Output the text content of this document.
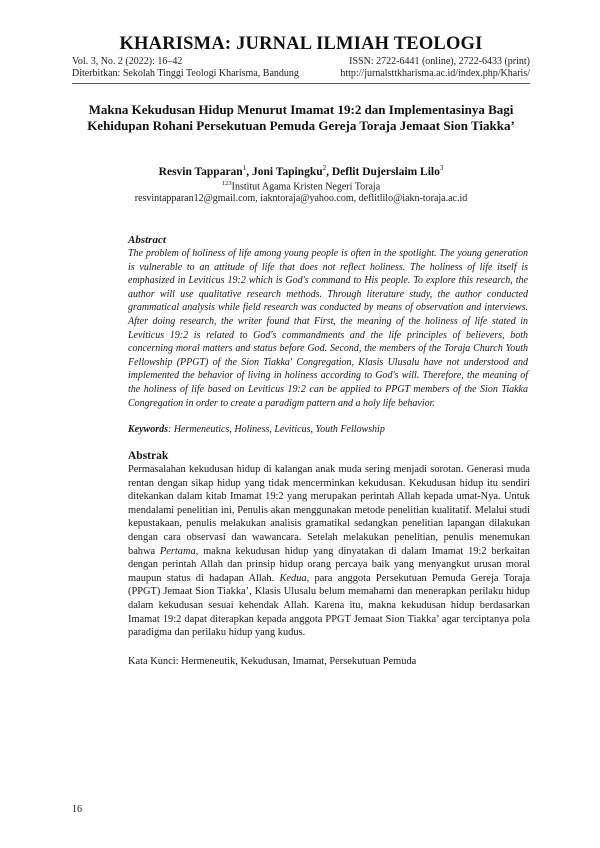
KHARISMA: JURNAL ILMIAH TEOLOGI
Vol. 3, No. 2 (2022): 16–42	ISSN: 2722-6441 (online), 2722-6433 (print)
Diterbitkan: Sekolah Tinggi Teologi Kharisma, Bandung	http://jurnalsttkharisma.ac.id/index.php/Kharis/
Makna Kekudusan Hidup Menurut Imamat 19:2 dan Implementasinya Bagi Kehidupan Rohani Persekutuan Pemuda Gereja Toraja Jemaat Sion Tiakka’
Resvin Tapparan$^1$, Joni Tapingku$^2$, Deflit Dujerslaim Lilo$^3$
$^{123}$Institut Agama Kristen Negeri Toraja
resvintapparan12@gmail.com, iakntoraja@yahoo.com, deflitlilo@iakn-toraja.ac.id

Abstract

The problem of holiness of life among young people is often in the spotlight. The young generation is vulnerable to an attitude of life that does not reflect holiness. The holiness of life itself is emphasized in Leviticus 19:2 which is God's command to His people. To explore this research, the author will use qualitative research methods. Through literature study, the author conducted grammatical analysis while field research was conducted by means of observation and interviews. After doing research, the writer found that First, the meaning of the holiness of life stated in Leviticus 19:2 is related to God's commandments and the life principles of believers, both concerning moral matters and status before God. Second, the members of the Toraja Church Youth Fellowship (PPGT) of the Sion Tiakka' Congregation, Klasis Ulusalu have not understood and implemented the behavior of living in holiness according to God's will. Therefore, the meaning of the holiness of life based on Leviticus 19:2 can be applied to PPGT members of the Sion Tiakka Congregation in order to create a paradigm pattern and a holy life behavior.

Keywords: Hermeneutics, Holiness, Leviticus, Youth Fellowship

Abstrak

Permasalahan kekudusan hidup di kalangan anak muda sering menjadi sorotan. Generasi muda rentan dengan sikap hidup yang tidak mencerminkan kekudusan. Kekudusan hidup itu sendiri ditekankan dalam kitab Imamat 19:2 yang merupakan perintah Allah kepada umat-Nya. Untuk mendalami penelitian ini, Penulis akan menggunakan metode penelitian kualitatif. Melalui studi kepustakaan, penulis melakukan analisis gramatikal sedangkan penelitian lapangan dilakukan dengan cara observasi dan wawancara. Setelah melakukan penelitian, penulis menemukan bahwa Pertama, makna kekudusan hidup yang dinyatakan di dalam Imamat 19:2 berkaitan dengan perintah Allah dan prinsip hidup orang percaya baik yang menyangkut urusan moral maupun status di hadapan Allah. Kedua, para anggota Persekutuan Pemuda Gereja Toraja (PPGT) Jemaat Sion Tiakka’, Klasis Ulusalu belum memahami dan menerapkan perilaku hidup dalam kekudusan sesuai kehendak Allah. Karena itu, makna kekudusan hidup berdasarkan Imamat 19:2 dapat diterapkan kepada anggota PPGT Jemaat Sion Tiakka’ agar terciptanya pola paradigma dan perilaku hidup yang kudus.

Kata Kunci: Hermeneutik, Kekudusan, Imamat, Persekutuan Pemuda
16
